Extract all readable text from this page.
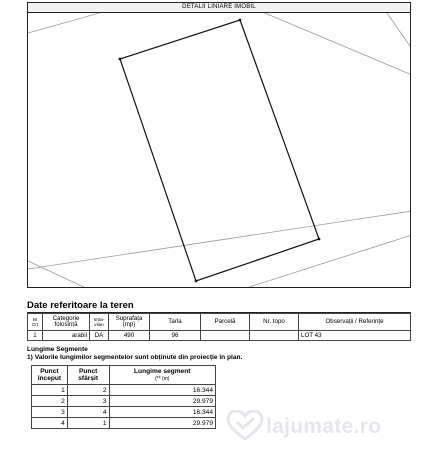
DETALII LINIARE IMOBIL
Date referitoare la teren
Nr Crt	Categorie folosință	Intra- vilan	Suprafața (mp)	Tarla	Parcelă	Nr. topo	Observații / Referințe
1	arabil	DA	490	96			LOT 43
Lungime Segmente
1) Valorile lungimilor segmentelor sunt obținute din proiecție în plan.
Punct început	Punct sfârșit	Lungime segment
(** (m)
1	2	16.344
2	3	29.979
3	4	16.344
4	1	29.979	lajumate.ro
